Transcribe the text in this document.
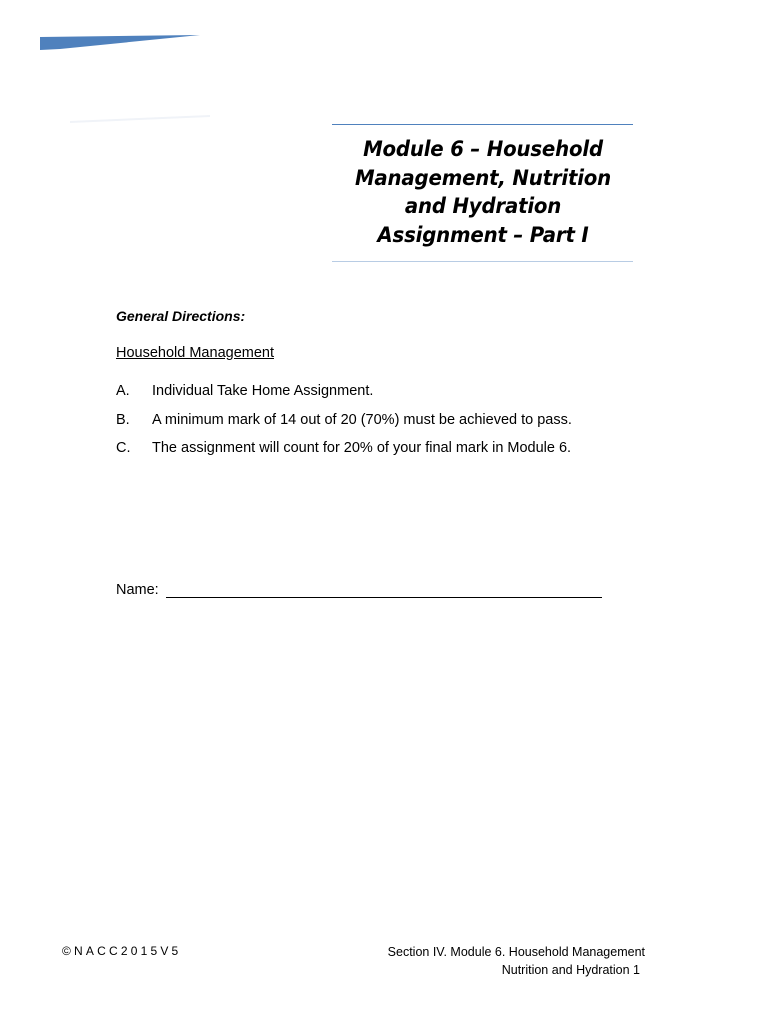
Module 6 – Household Management, Nutrition and Hydration Assignment – Part I
General Directions:
Household Management
A.	Individual Take Home Assignment.
B.	A minimum mark of 14 out of 20 (70%) must be achieved to pass.
C.	The assignment will count for 20% of your final mark in Module 6.
Name:
©NACC2015V5	Section IV. Module 6. Household Management
Nutrition and Hydration 1
